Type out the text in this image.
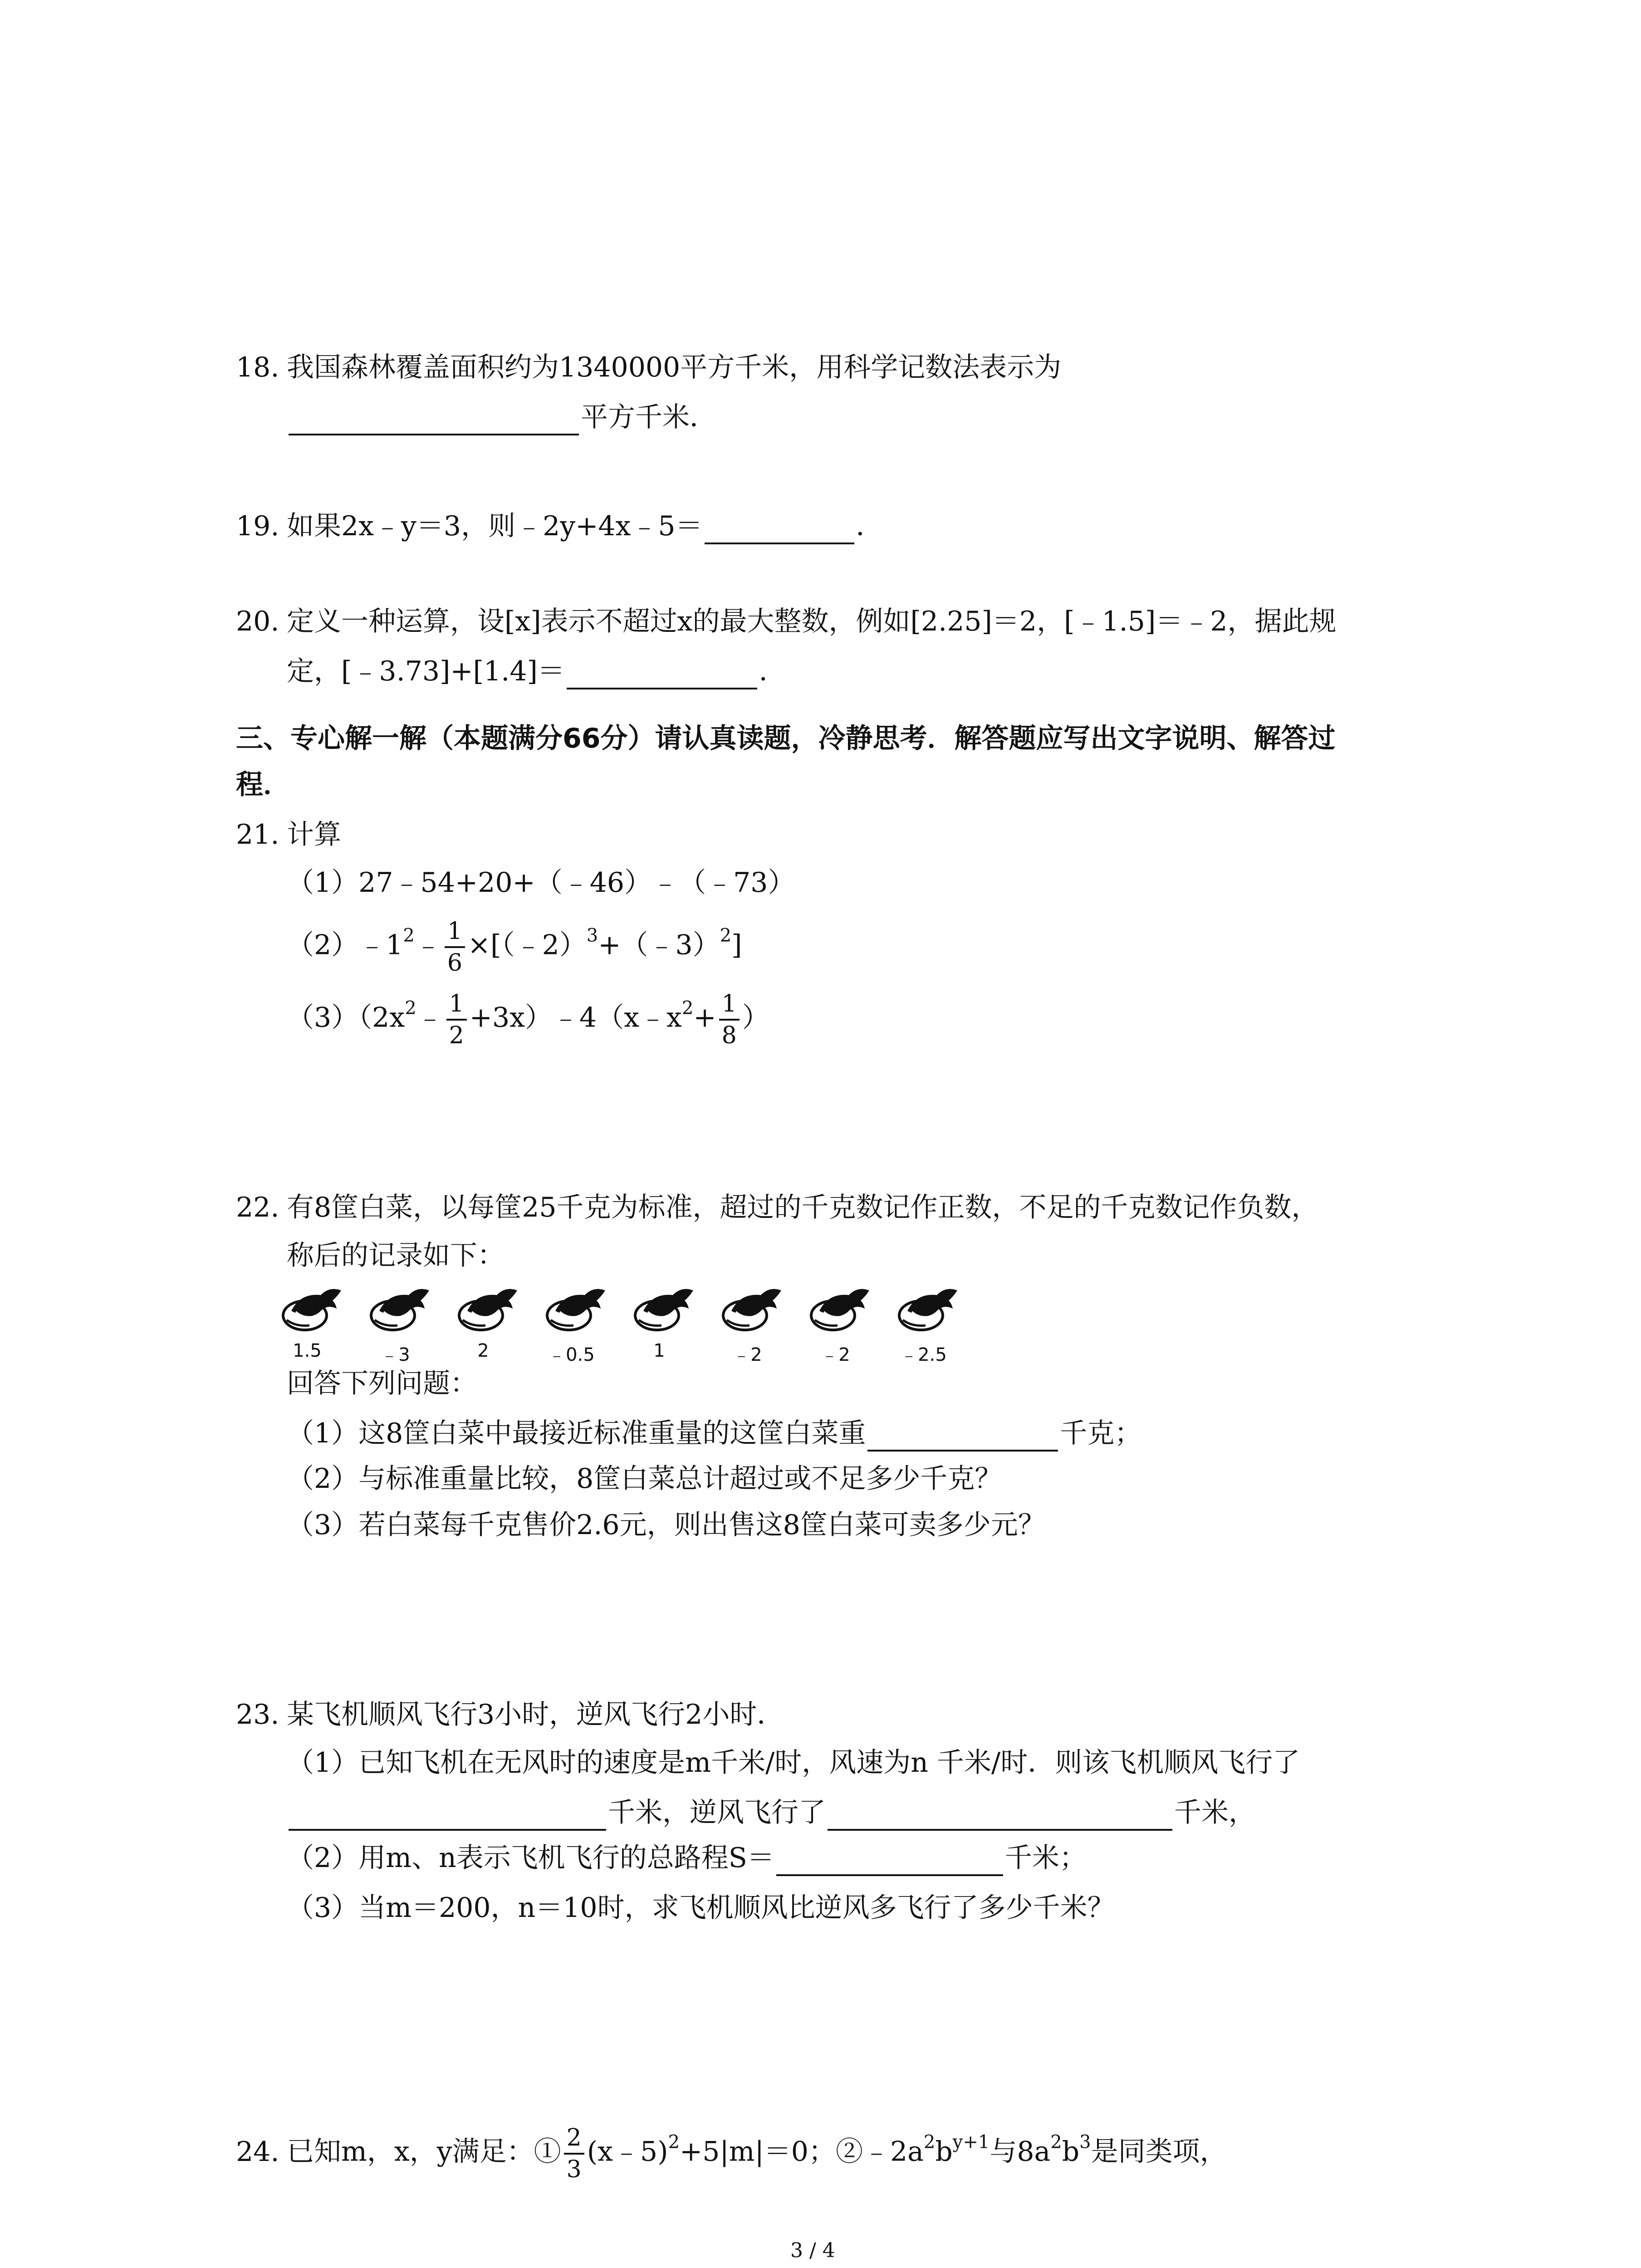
18. 我国森林覆盖面积约为1340000平方千米，用科学记数法表示为
平方千米．
19. 如果2x﹣y＝3，则﹣2y+4x﹣5＝	．
20. 定义一种运算，设[x]表示不超过x的最大整数，例如[2.25]＝2，[﹣1.5]＝﹣2，据此规
定，[﹣3.73]+[1.4]＝	．
三、专心解一解（本题满分66分）请认真读题，冷静思考．解答题应写出文字说明、解答过
程．
21. 计算
（1）27﹣54+20+（﹣46）﹣（﹣73）
$(2)﹣1^2﹣ \frac{1}{6}$ ×[（﹣2）$^3$+（﹣3）$^2$]
$(3)(2x^2﹣ \frac{1}{2}$ $+3x)﹣4(x﹣x^2+ \frac{1}{8}$ ）
22. 有8筐白菜，以每筐25千克为标准，超过的千克数记作正数，不足的千克数记作负数，
称后的记录如下：
1.5	﹣3	2	﹣0.5	1	﹣2	﹣2	﹣2.5
回答下列问题：
（1）这8筐白菜中最接近标准重量的这筐白菜重	千克；
（2）与标准重量比较，8筐白菜总计超过或不足多少千克？
（3）若白菜每千克售价2.6元，则出售这8筐白菜可卖多少元？
23. 某飞机顺风飞行3小时，逆风飞行2小时．
（1）已知飞机在无风时的速度是m千米/时，风速为n 千米/时．则该飞机顺风飞行了
千米，逆风飞行了	千米，
（2）用m、n表示飞机飞行的总路程S＝	千米；
（3）当m＝200，n＝10时，求飞机顺风比逆风多飞行了多少千米？
24. 已知m，x，y满足：① $\frac{2}{3}$ (x﹣5)$^2$+5|m|＝0；$②﹣2a^2b^{y+1}$与$8a^2b^3$是同类项，
3 / 4
